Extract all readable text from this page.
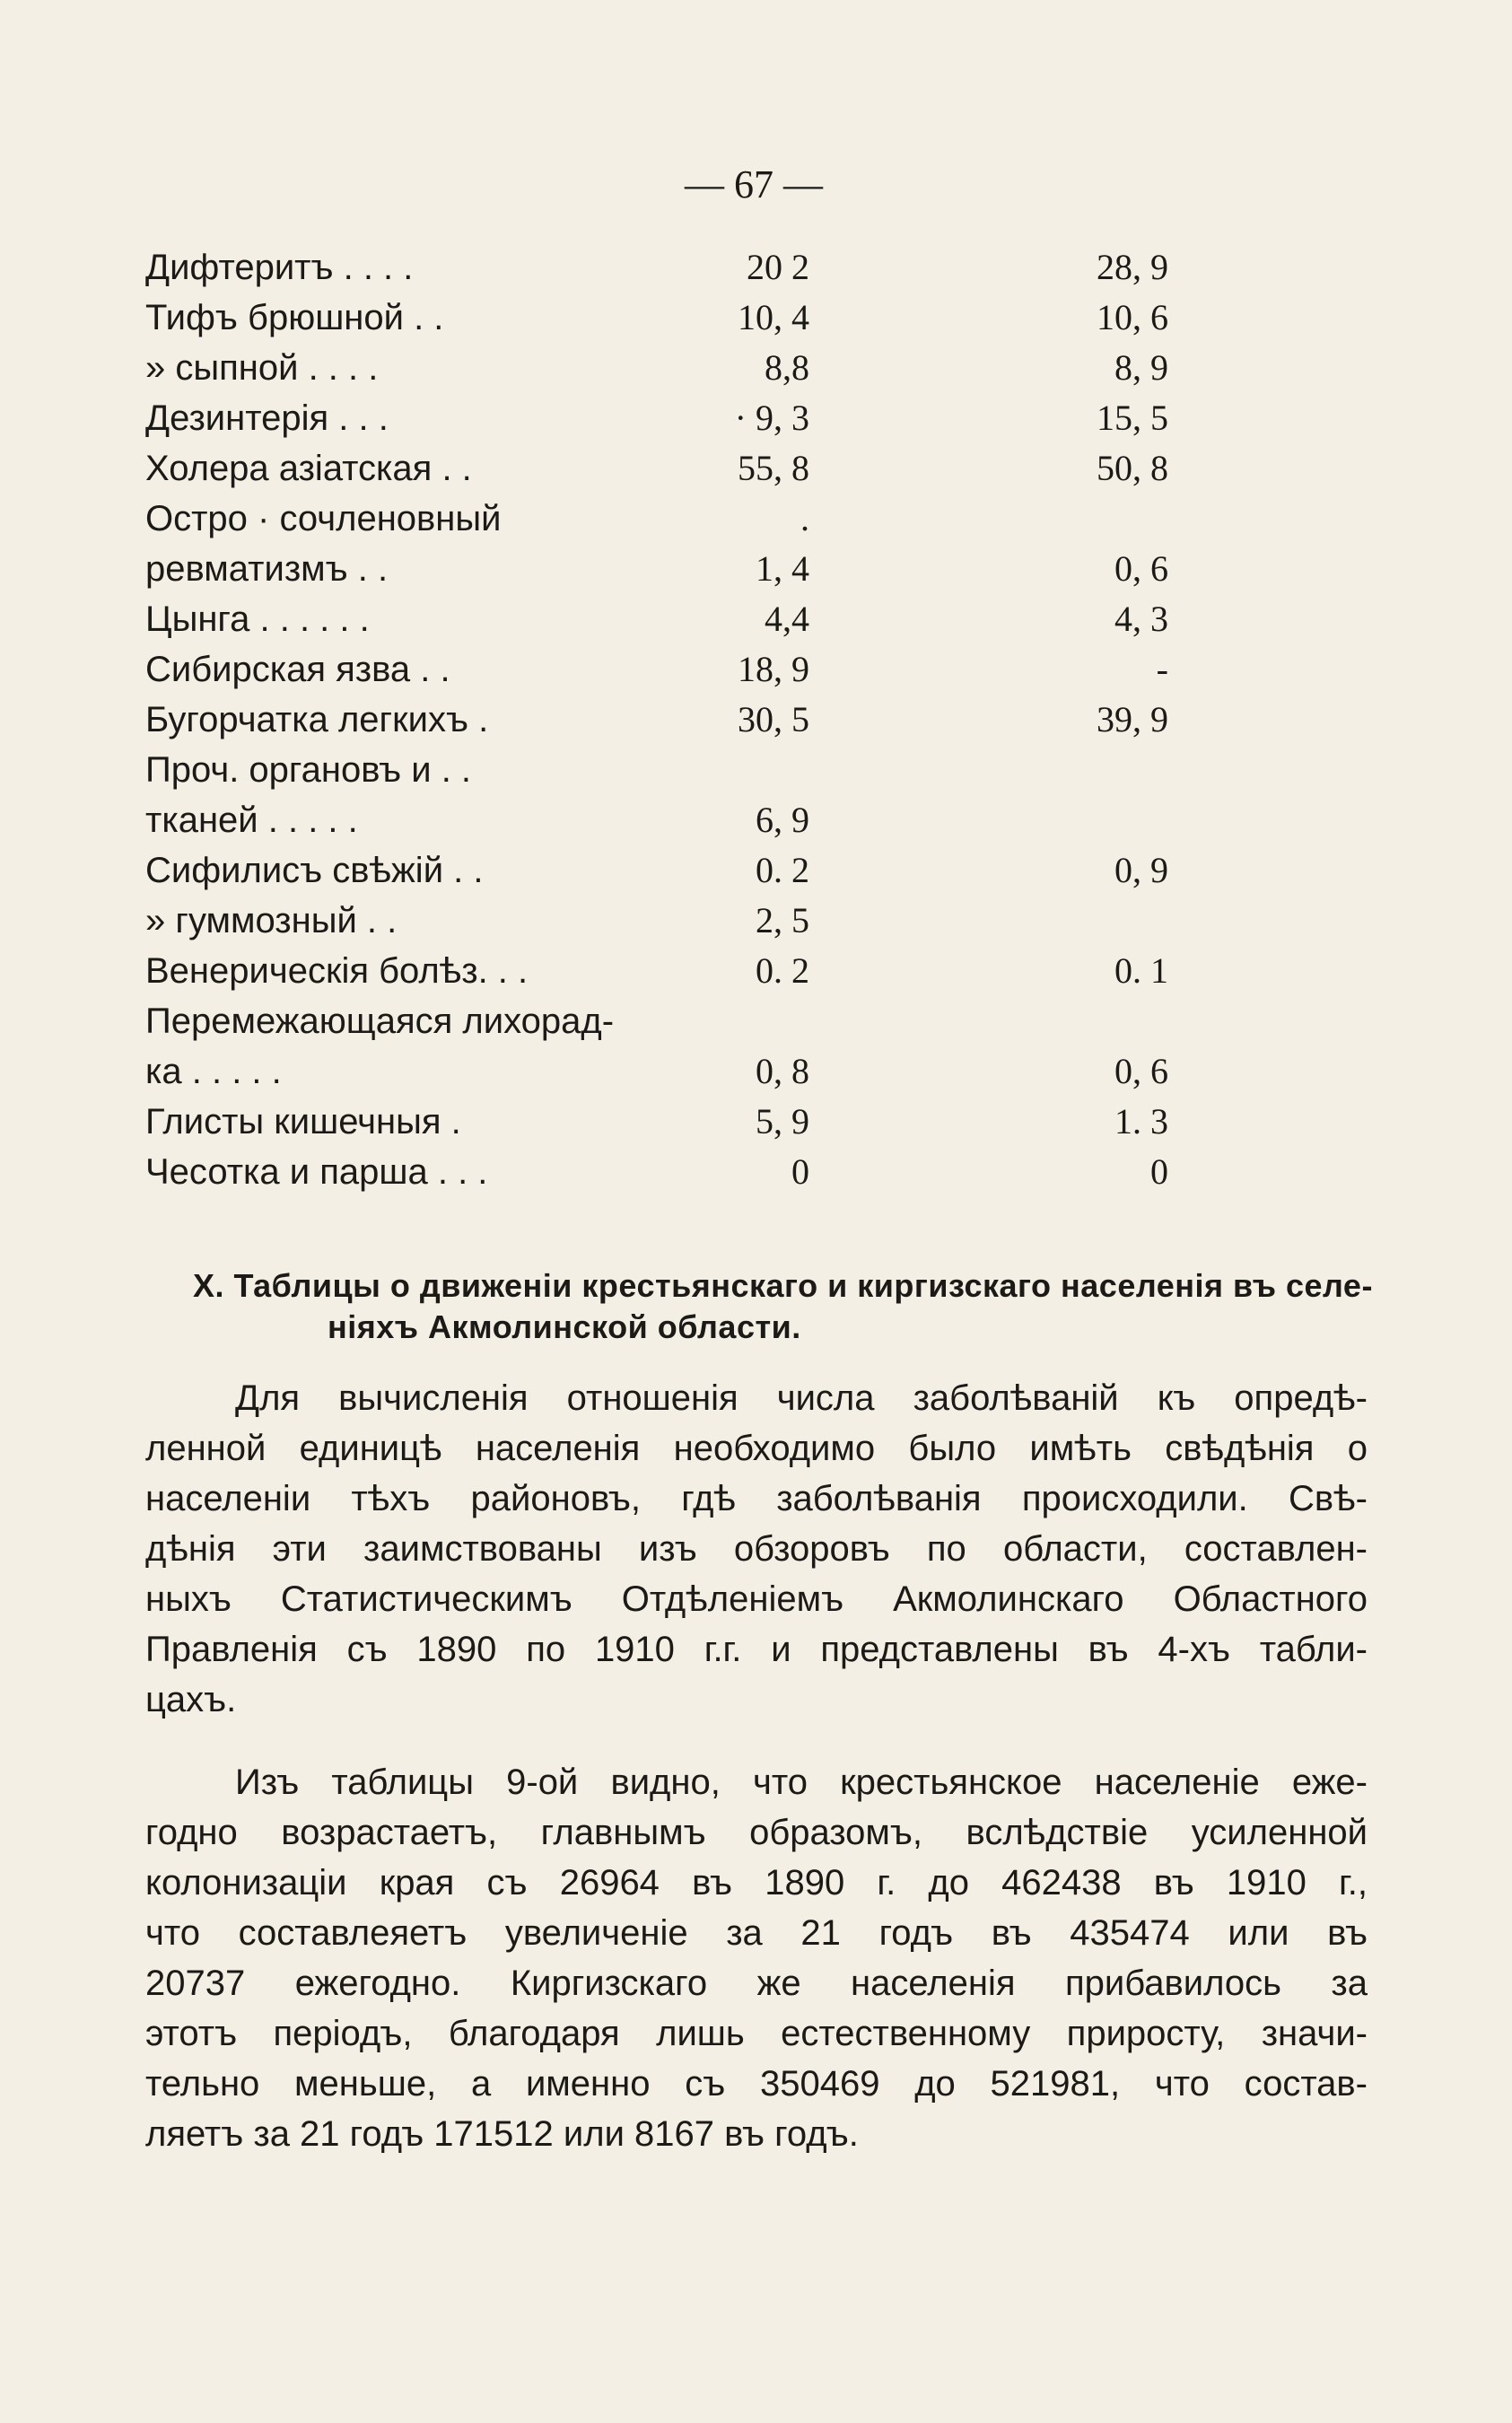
— 67 —
Дифтеритъ . . . .	20 2	28, 9
Тифъ брюшной . .	10, 4	10, 6
» сыпной . . . .	8,8	8, 9
Дезинтерія . . .	· 9, 3	15, 5
Холера азіатская . .	55, 8	50, 8
Остро · сочленовный	.
ревматизмъ . .	1, 4	0, 6
Цынга . . . . . .	4,4	4, 3
Сибирская язва . .	18, 9	-
Бугорчатка легкихъ .	30, 5	39, 9
Проч. органовъ и . .
тканей . . . . .	6, 9
Сифилисъ свѣжій . .	0. 2	0, 9
» гуммозный . .	2, 5
Венерическія болѣз. . .	0. 2	0. 1
Перемежающаяся лихорад-
ка . . . . .	0, 8	0, 6
Глисты кишечныя .	5, 9	1. 3
Чесотка и парша . . .	0	0
X. Таблицы о движеніи крестьянскаго и киргизскаго населенія въ селе-
ніяхъ Акмолинской области.
Для вычисленія отношенія числа заболѣваній къ опредѣ-
ленной единицѣ населенія необходимо было имѣть свѣдѣнія о
населеніи тѣхъ районовъ, гдѣ заболѣванія происходили. Свѣ-
дѣнія эти заимствованы изъ обзоровъ по области, составлен-
ныхъ Статистическимъ Отдѣленіемъ Акмолинскаго Областного
Правленія съ 1890 по 1910 г.г. и представлены въ 4-хъ табли-
цахъ.
Изъ таблицы 9-ой видно, что крестьянское населеніе еже-
годно возрастаетъ, главнымъ образомъ, вслѣдствіе усиленной
колонизаціи края съ 26964 въ 1890 г. до 462438 въ 1910 г.,
что составлеяетъ увеличеніе за 21 годъ въ 435474 или въ
20737 ежегодно. Киргизскаго же населенія прибавилось за
этотъ періодъ, благодаря лишь естественному приросту, значи-
тельно меньше, а именно съ 350469 до 521981, что состав-
ляетъ за 21 годъ 171512 или 8167 въ годъ.
